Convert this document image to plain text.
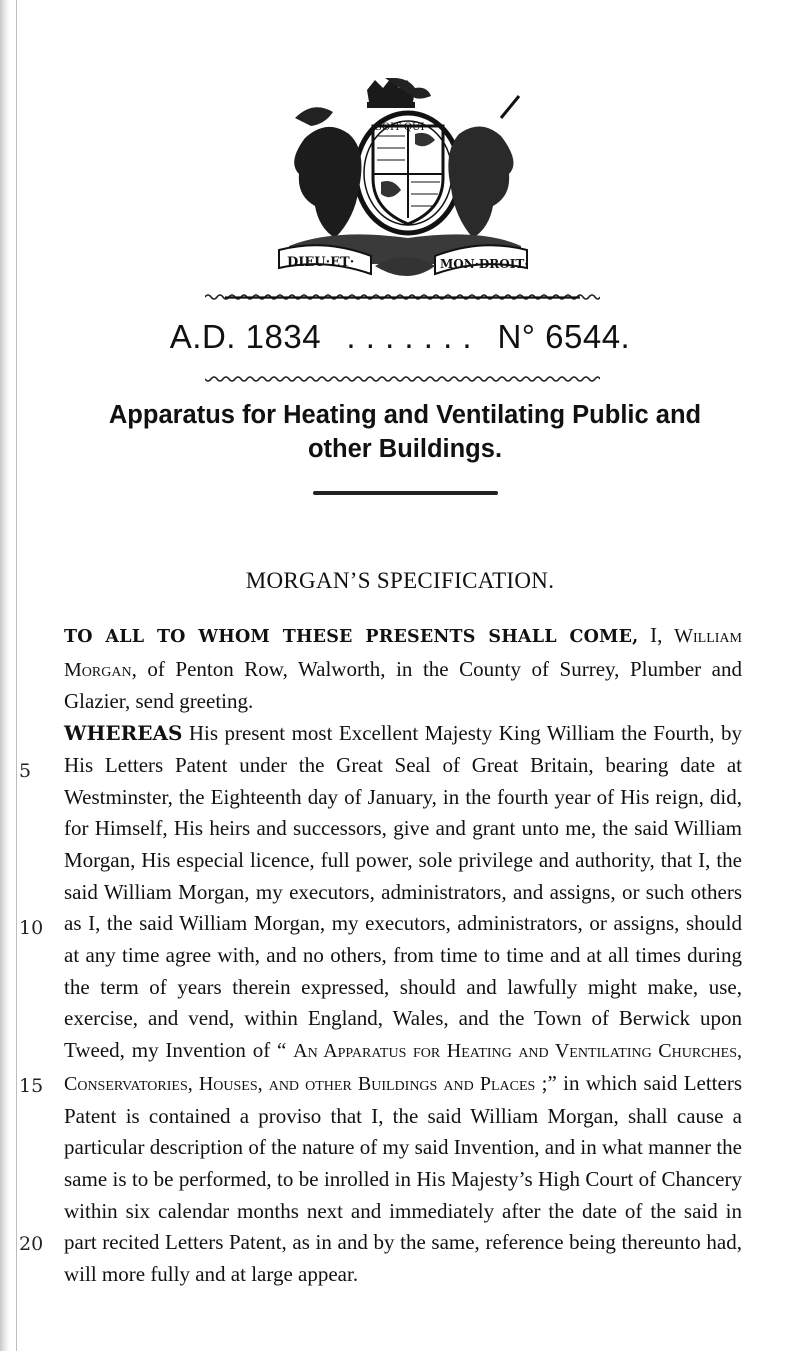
SOIT·QUI
DIEU·ET·	MON·DROIT·
A.D. 1834 . . . . . . . N° 6544.
Apparatus for Heating and Ventilating Public and
other Buildings.
MORGAN’S SPECIFICATION.

TO ALL TO WHOM THESE PRESENTS SHALL COME, I, William Morgan, of Penton Row, Walworth, in the County of Surrey, Plumber and Glazier, send greeting.

WHEREAS His present most Excellent Majesty King William the Fourth, by His Letters Patent under the Great Seal of Great Britain, bearing date at Westminster, the Eighteenth day of January, in the fourth year of His reign, did, for Himself, His heirs and successors, give and grant unto me, the said William Morgan, His especial licence, full power, sole privilege and authority, that I, the said William Morgan, my executors, administrators, and assigns, or such others as I, the said William Morgan, my executors, administrators, or assigns, should at any time agree with, and no others, from time to time and at all times during the term of years therein expressed, should and lawfully might make, use, exercise, and vend, within England, Wales, and the Town of Berwick upon Tweed, my Invention of “ An Apparatus for Heating and Ventilating Churches, Conservatories, Houses, and other Buildings and Places ;” in which said Letters Patent is contained a proviso that I, the said William Morgan, shall cause a particular description of the nature of my said Invention, and in what manner the same is to be performed, to be inrolled in His Majesty’s High Court of Chancery within six calendar months next and immediately after the date of the said in part recited Letters Patent, as in and by the same, reference being thereunto had, will more fully and at large appear.

5
10
15
20
